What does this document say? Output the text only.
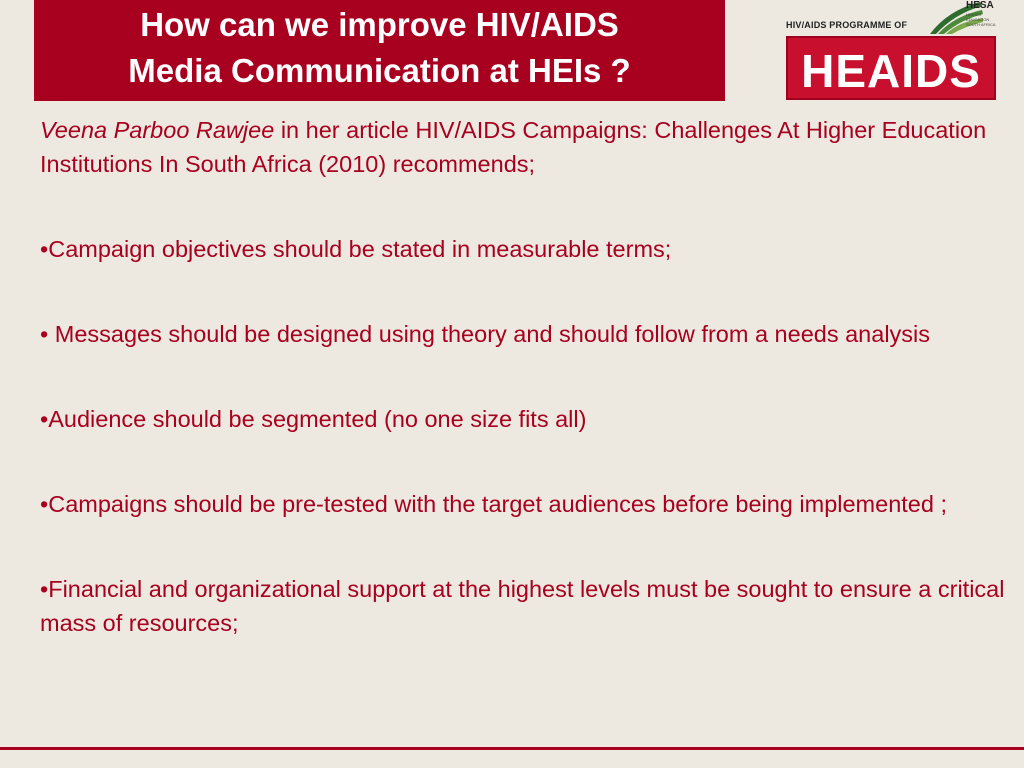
How can we improve HIV/AIDS
Media Communication at HEIs ?
HIV/AIDS PROGRAMME OF
HESA
HIGHER EDUCATION SOUTH AFRICA
HEAIDS

Veena Parboo Rawjee in her article HIV/AIDS Campaigns: Challenges At Higher Education Institutions In South Africa (2010) recommends;

•Campaign objectives should be stated in measurable terms;

• Messages should be designed using theory and should follow from a needs analysis

•Audience should be segmented (no one size fits all)

•Campaigns should be pre-tested with the target audiences before being implemented ;

•Financial and organizational support at the highest levels must be sought to ensure a critical mass of resources;
